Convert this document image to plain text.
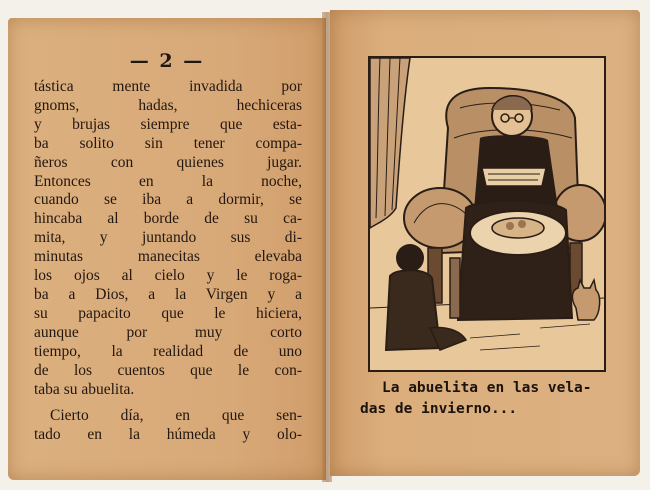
— 2 —
tástica mente invadida por
gnoms, hadas, hechiceras
y brujas siempre que esta-
ba solito sin tener compa-
ñeros con quienes jugar.
Entonces en la noche,
cuando se iba a dormir, se
hincaba al borde de su ca-
mita, y juntando sus di-
minutas manecitas elevaba
los ojos al cielo y le roga-
ba a Dios, a la Virgen y a
su papacito que le hiciera,
aunque por muy corto
tiempo, la realidad de uno
de los cuentos que le con-
taba su abuelita.
Cierto día, en que sen-
tado en la húmeda y olo-
La abuelita en las vela-
das de invierno...
